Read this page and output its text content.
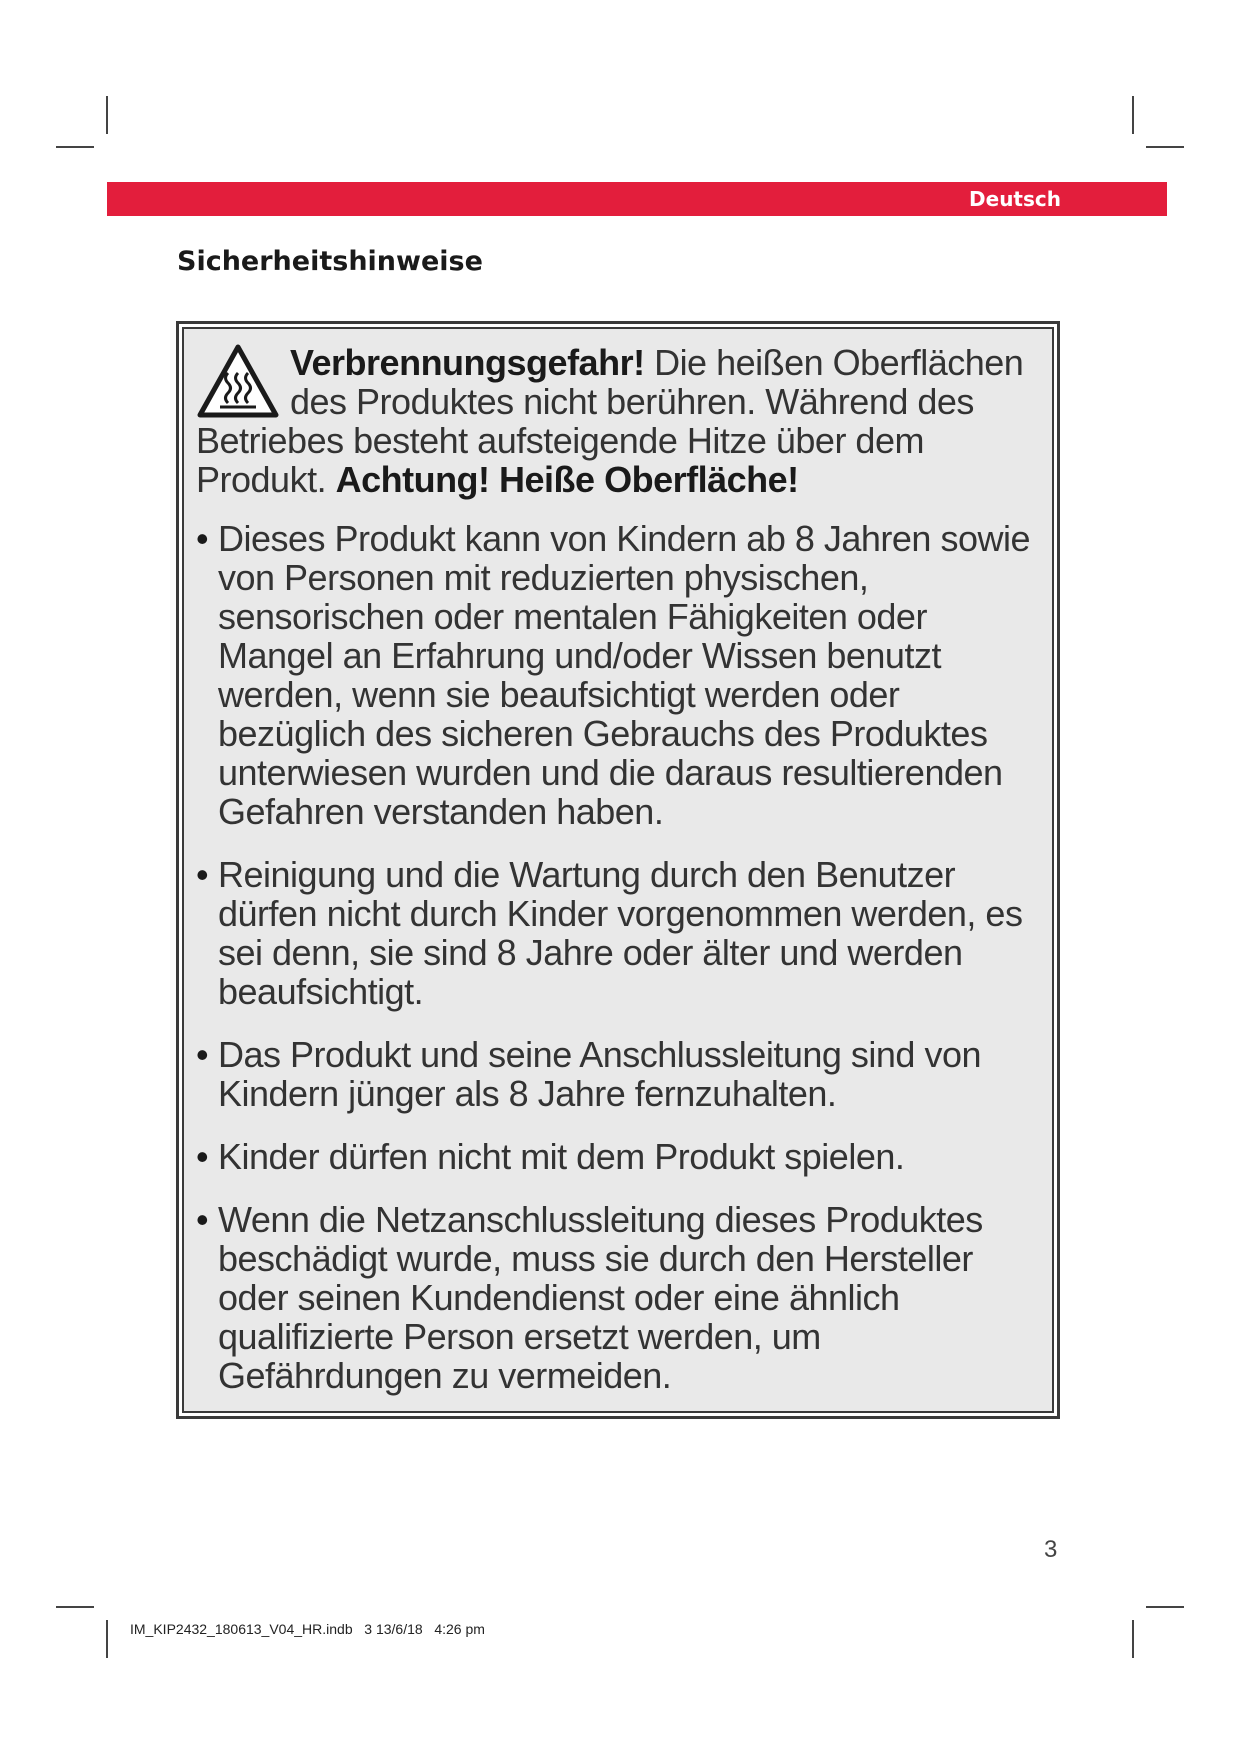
Deutsch
Sicherheitshinweise
Verbrennungsgefahr! Die heißen Oberflächen des Produktes nicht berühren. Während des Betriebes besteht aufsteigende Hitze über dem Produkt. Achtung! Heiße Oberfläche!
• Dieses Produkt kann von Kindern ab 8 Jahren sowie von Personen mit reduzierten physischen, sensorischen oder mentalen Fähigkeiten oder Mangel an Erfahrung und/oder Wissen benutzt werden, wenn sie beaufsichtigt werden oder bezüglich des sicheren Gebrauchs des Produktes unterwiesen wurden und die daraus resultierenden Gefahren verstanden haben.
• Reinigung und die Wartung durch den Benutzer dürfen nicht durch Kinder vorgenommen werden, es sei denn, sie sind 8 Jahre oder älter und werden beaufsichtigt.
• Das Produkt und seine Anschlussleitung sind von Kindern jünger als 8 Jahre fernzuhalten.
• Kinder dürfen nicht mit dem Produkt spielen.
• Wenn die Netzanschlussleitung dieses Produktes beschädigt wurde, muss sie durch den Hersteller oder seinen Kundendienst oder eine ähnlich qualifizierte Person ersetzt werden, um Gefährdungen zu vermeiden.
3
IM_KIP2432_180613_V04_HR.indb   3 13/6/18   4:26 pm
